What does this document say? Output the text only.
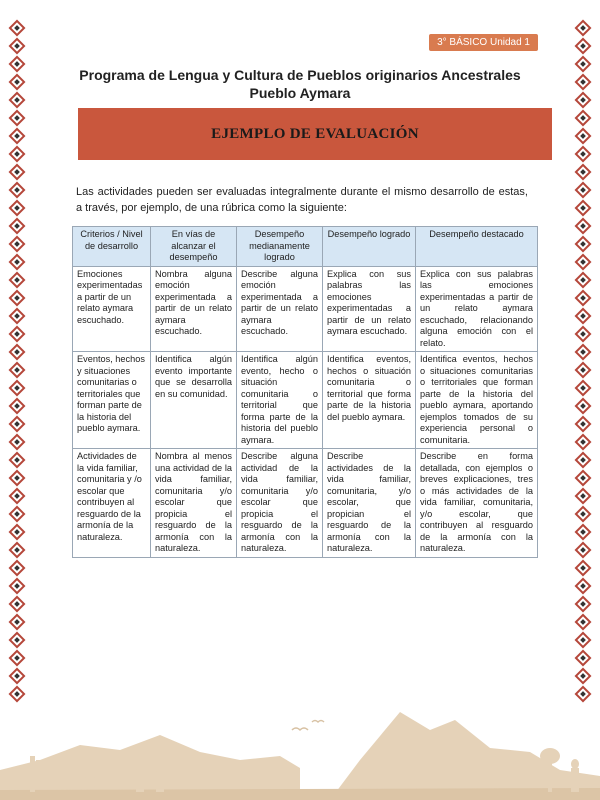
3° BÁSICO Unidad 1
Programa de Lengua y Cultura de Pueblos originarios Ancestrales
Pueblo Aymara
EJEMPLO DE EVALUACIÓN

Las actividades pueden ser evaluadas integralmente durante el mismo desarrollo de estas, a través, por ejemplo, de una rúbrica como la siguiente:

Criterios / Nivel de desarrollo	En vías de alcanzar el desempeño	Desempeño medianamente logrado	Desempeño logrado	Desempeño destacado
Emociones experimentadas a partir de un relato aymara escuchado.	Nombra alguna emoción experimentada a partir de un relato aymara escuchado.	Describe alguna emoción experimentada a partir de un relato aymara escuchado.	Explica con sus palabras las emociones experimentadas a partir de un relato aymara escuchado.	Explica con sus palabras las emociones experimentadas a partir de un relato aymara escuchado, relacionando alguna emoción con el relato.
Eventos, hechos y situaciones comunitarias o territoriales que forman parte de la historia del pueblo aymara.	Identifica algún evento importante que se desarrolla en su comunidad.	Identifica algún evento, hecho o situación comunitaria o territorial que forma parte de la historia del pueblo aymara.	Identifica eventos, hechos o situación comunitaria o territorial que forma parte de la historia del pueblo aymara.	Identifica eventos, hechos o situaciones comunitarias o territoriales que forman parte de la historia del pueblo aymara, aportando ejemplos tomados de su experiencia personal o comunitaria.
Actividades de la vida familiar, comunitaria y /o escolar que contribuyen al resguardo de la armonía de la naturaleza.	Nombra al menos una actividad de la vida familiar, comunitaria y/o escolar que propicia el resguardo de la armonía con la naturaleza.	Describe alguna actividad de la vida familiar, comunitaria y/o escolar que propicia el resguardo de la armonía con la naturaleza.	Describe actividades de la vida familiar, comunitaria, y/o escolar, que propician el resguardo de la armonía con la naturaleza.	Describe en forma detallada, con ejemplos o breves explicaciones, tres o más actividades de la vida familiar, comunitaria, y/o escolar, que contribuyen al resguardo de la armonía con la naturaleza.
